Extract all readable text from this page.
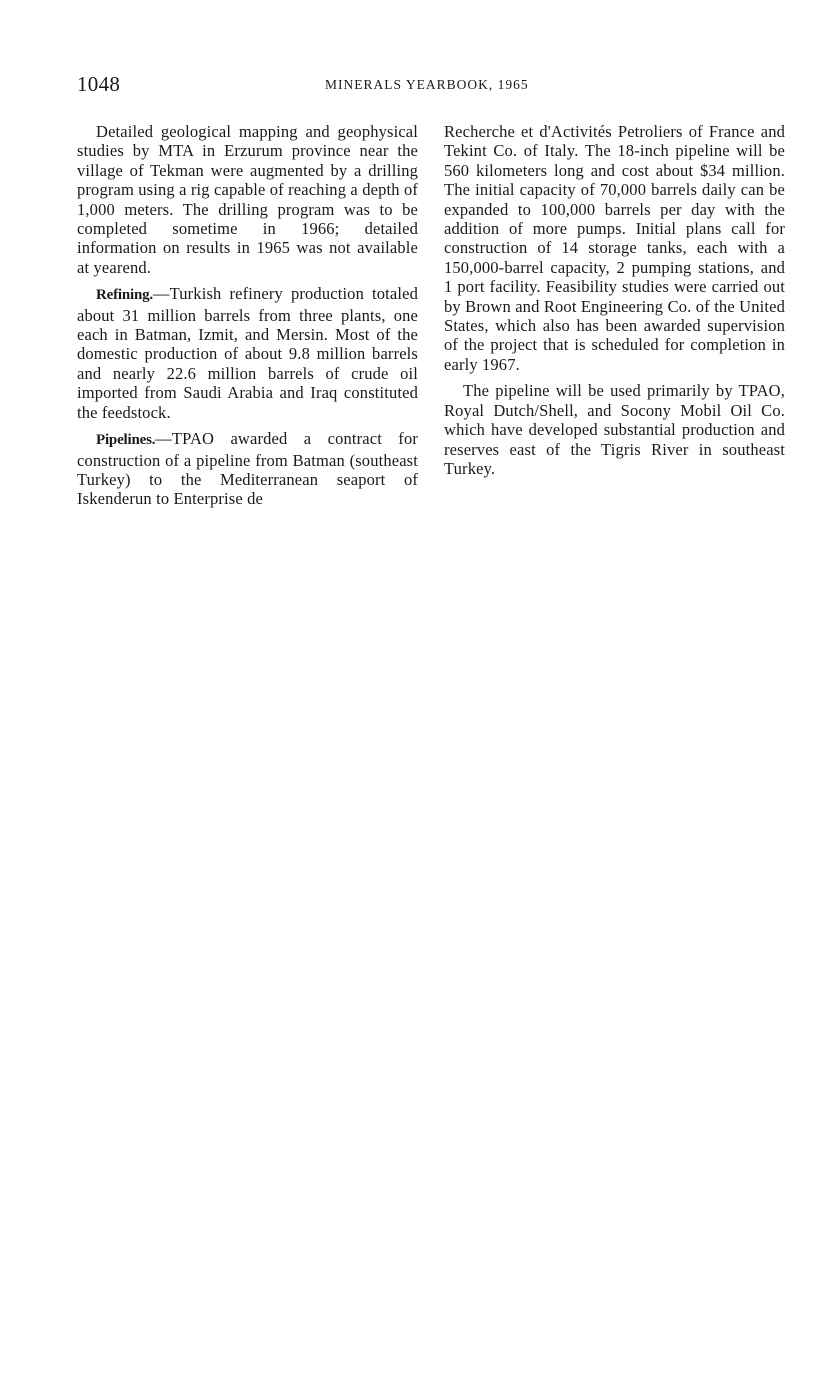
1048	MINERALS YEARBOOK, 1965

Detailed geological mapping and geophysical studies by MTA in Erzurum province near the village of Tekman were augmented by a drilling program using a rig capable of reaching a depth of 1,000 meters. The drilling program was to be completed sometime in 1966; detailed information on results in 1965 was not available at yearend.

Refining.—Turkish refinery production totaled about 31 million barrels from three plants, one each in Batman, Izmit, and Mersin. Most of the domestic production of about 9.8 million barrels and nearly 22.6 million barrels of crude oil imported from Saudi Arabia and Iraq constituted the feedstock.

Pipelines.—TPAO awarded a contract for construction of a pipeline from Batman (southeast Turkey) to the Mediterranean seaport of Iskenderun to Enterprise de

Recherche et d'Activités Petroliers of France and Tekint Co. of Italy. The 18-inch pipeline will be 560 kilometers long and cost about $34 million. The initial capacity of 70,000 barrels daily can be expanded to 100,000 barrels per day with the addition of more pumps. Initial plans call for construction of 14 storage tanks, each with a 150,000-barrel capacity, 2 pumping stations, and 1 port facility. Feasibility studies were carried out by Brown and Root Engineering Co. of the United States, which also has been awarded supervision of the project that is scheduled for completion in early 1967.

The pipeline will be used primarily by TPAO, Royal Dutch/Shell, and Socony Mobil Oil Co. which have developed substantial production and reserves east of the Tigris River in southeast Turkey.
